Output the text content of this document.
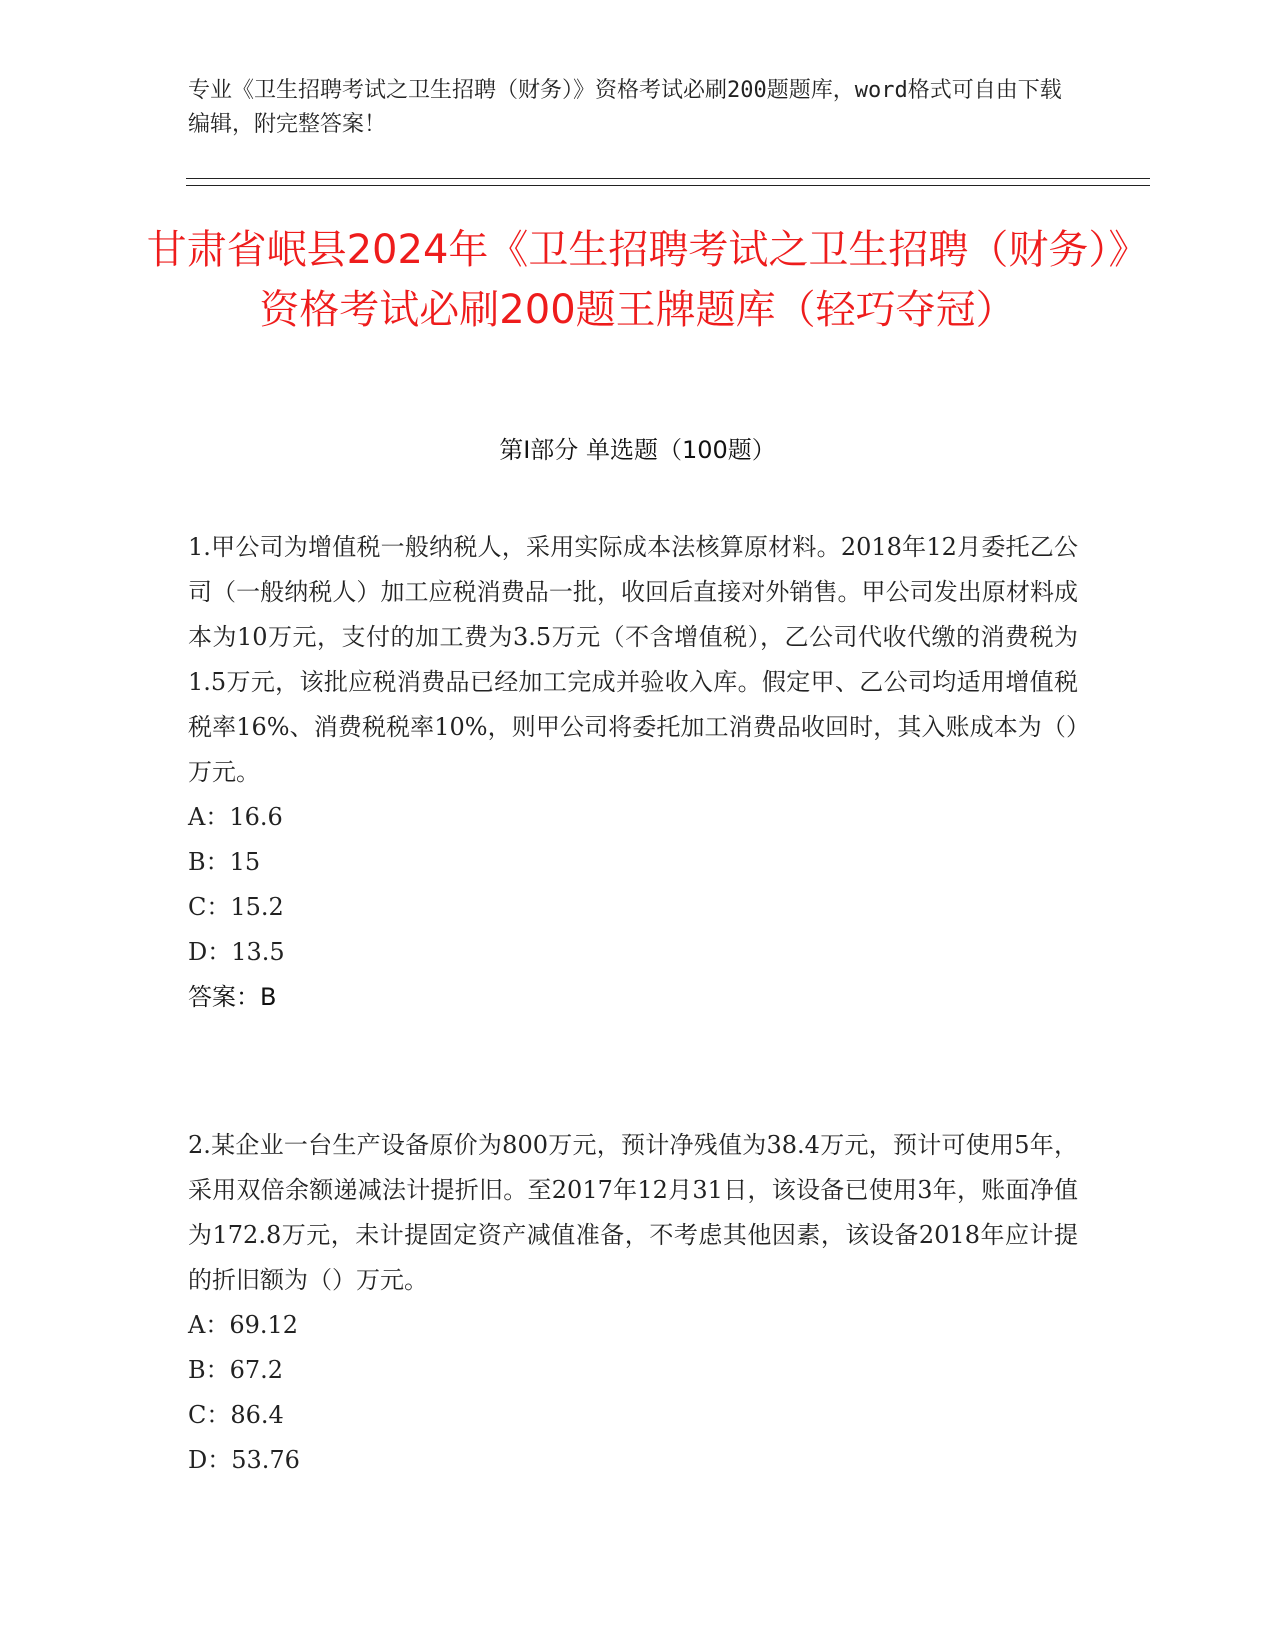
专业《卫生招聘考试之卫生招聘（财务）》资格考试必刷200题题库，word格式可自由下载编辑，附完整答案！
甘肃省岷县2024年《卫生招聘考试之卫生招聘（财务）》资格考试必刷200题王牌题库（轻巧夺冠）
第I部分 单选题（100题）

1.甲公司为增值税一般纳税人，采用实际成本法核算原材料。2018年12月委托乙公司（一般纳税人）加工应税消费品一批，收回后直接对外销售。甲公司发出原材料成本为10万元，支付的加工费为3.5万元（不含增值税），乙公司代收代缴的消费税为1.5万元，该批应税消费品已经加工完成并验收入库。假定甲、乙公司均适用增值税税率16%、消费税税率10%，则甲公司将委托加工消费品收回时，其入账成本为（）万元。

A：16.6
B：15
C：15.2
D：13.5
答案：B

2.某企业一台生产设备原价为800万元，预计净残值为38.4万元，预计可使用5年，采用双倍余额递减法计提折旧。至2017年12月31日，该设备已使用3年，账面净值为172.8万元，未计提固定资产减值准备，不考虑其他因素，该设备2018年应计提的折旧额为（）万元。

A：69.12
B：67.2
C：86.4
D：53.76
